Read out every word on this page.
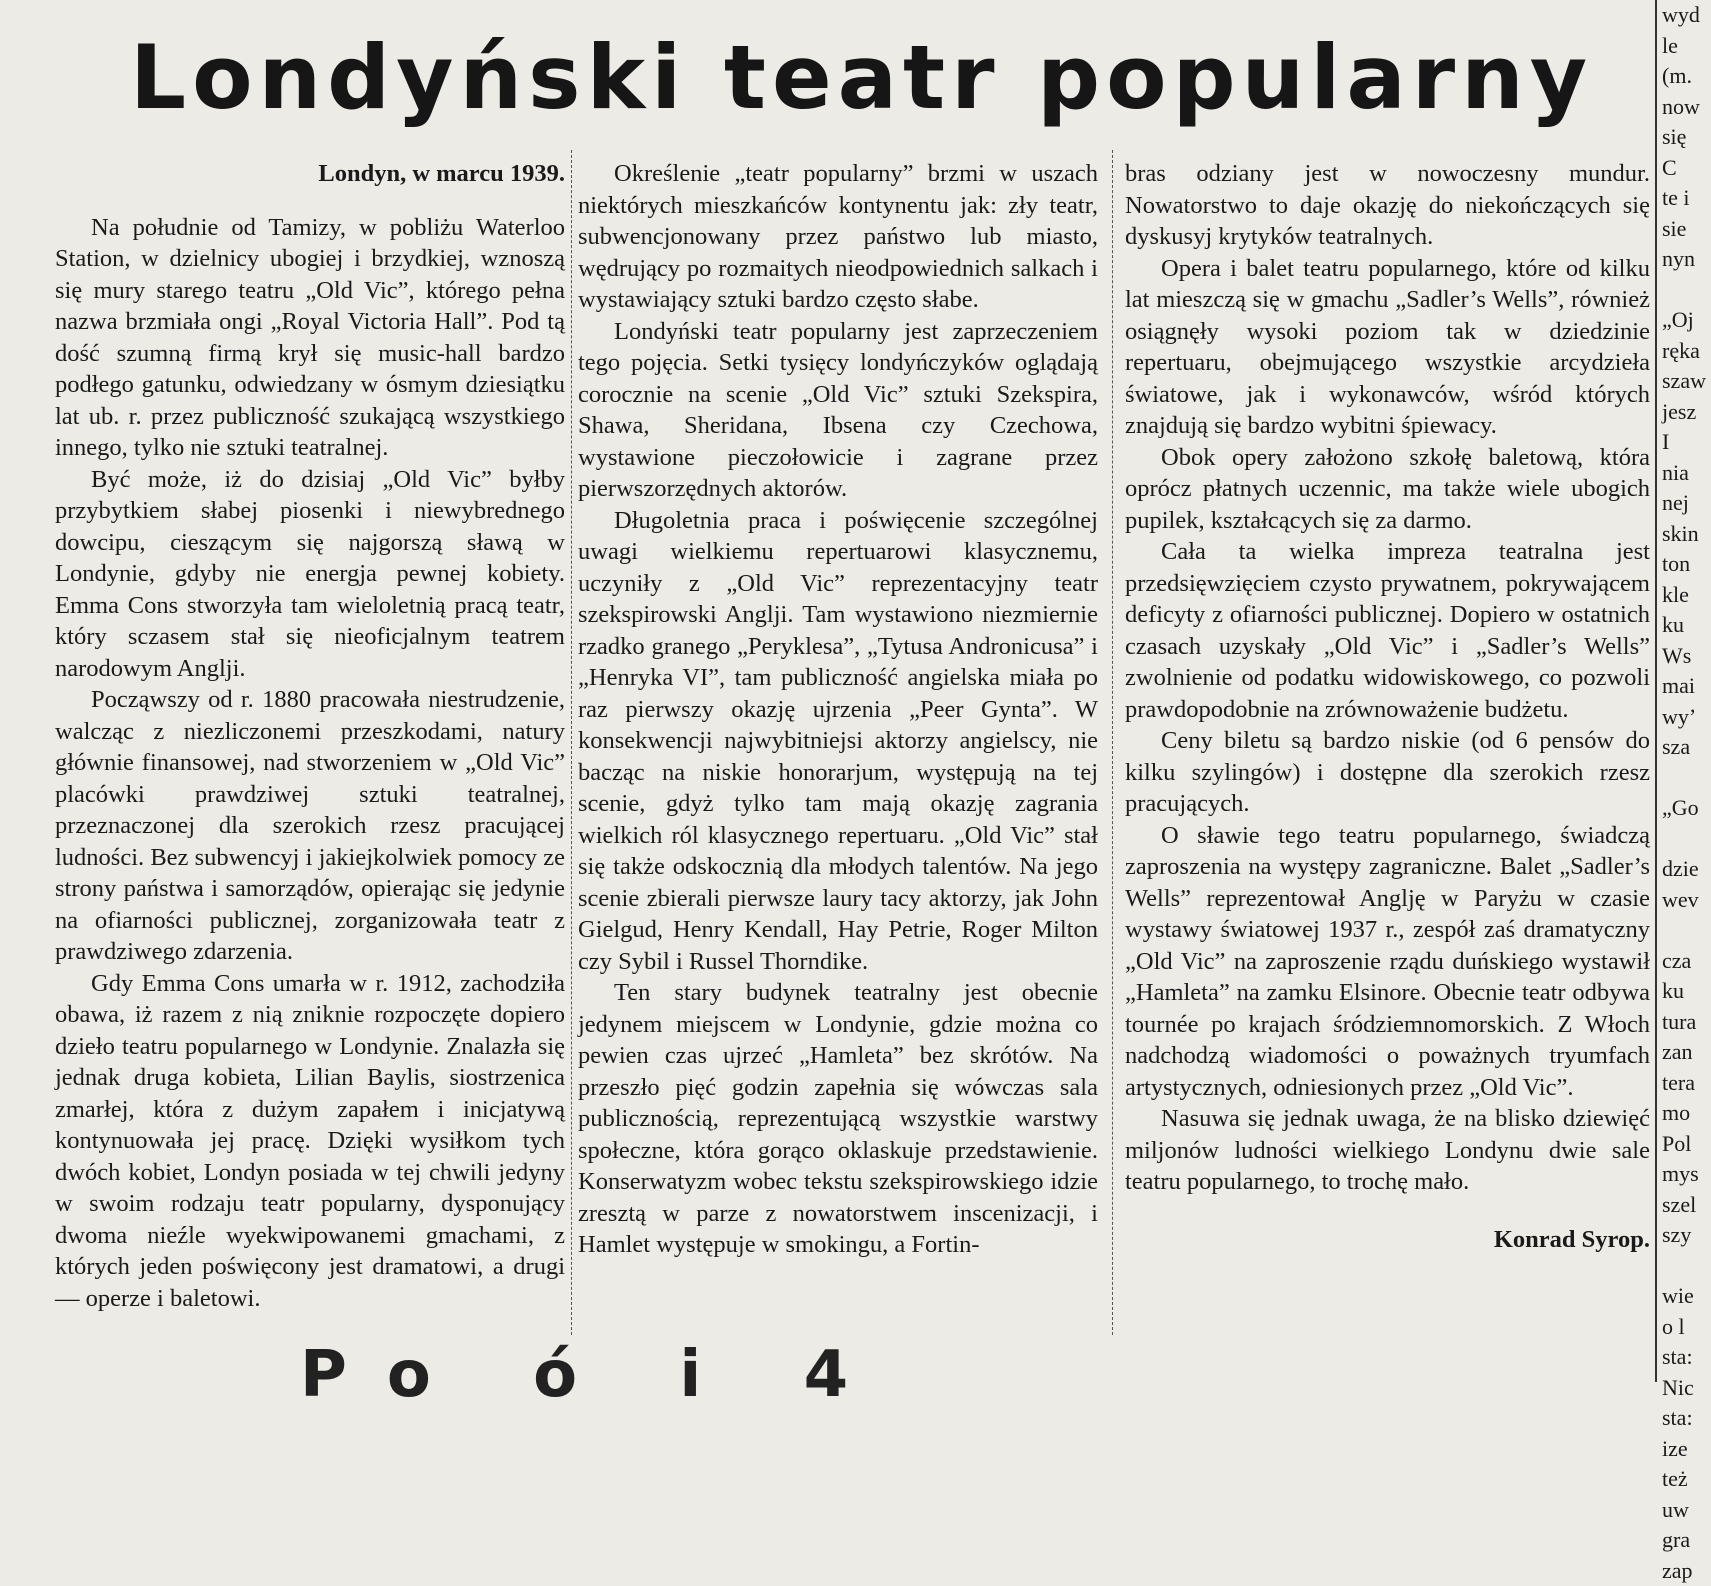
Londyński teatr popularny

Londyn, w marcu 1939.

Na południe od Tamizy, w pobliżu Waterloo Station, w dzielnicy ubogiej i brzydkiej, wznoszą się mury starego teatru „Old Vic”, którego pełna nazwa brzmiała ongi „Royal Victoria Hall”. Pod tą dość szumną firmą krył się music-hall bardzo podłego gatunku, odwiedzany w ósmym dziesiątku lat ub. r. przez publiczność szukającą wszystkiego innego, tylko nie sztuki teatralnej.

Być może, iż do dzisiaj „Old Vic” byłby przybytkiem słabej piosenki i niewybrednego dowcipu, cieszącym się najgorszą sławą w Londynie, gdyby nie energja pewnej kobiety. Emma Cons stworzyła tam wieloletnią pracą teatr, który sczasem stał się nieoficjalnym teatrem narodowym Anglji.

Począwszy od r. 1880 pracowała niestrudzenie, walcząc z niezliczonemi przeszkodami, natury głównie finansowej, nad stworzeniem w „Old Vic” placówki prawdziwej sztuki teatralnej, przeznaczonej dla szerokich rzesz pracującej ludności. Bez subwencyj i jakiejkolwiek pomocy ze strony państwa i samorządów, opierając się jedynie na ofiarności publicznej, zorganizowała teatr z prawdziwego zdarzenia.

Gdy Emma Cons umarła w r. 1912, zachodziła obawa, iż razem z nią zniknie rozpoczęte dopiero dzieło teatru popularnego w Londynie. Znalazła się jednak druga kobieta, Lilian Baylis, siostrzenica zmarłej, która z dużym zapałem i inicjatywą kontynuowała jej pracę. Dzięki wysiłkom tych dwóch kobiet, Londyn posiada w tej chwili jedyny w swoim rodzaju teatr popularny, dysponujący dwoma nieźle wyekwipowanemi gmachami, z których jeden poświęcony jest dramatowi, a drugi — operze i baletowi.

Określenie „teatr popularny” brzmi w uszach niektórych mieszkańców kontynentu jak: zły teatr, subwencjonowany przez państwo lub miasto, wędrujący po rozmaitych nieodpowiednich salkach i wystawiający sztuki bardzo często słabe.

Londyński teatr popularny jest zaprzeczeniem tego pojęcia. Setki tysięcy londyńczyków oglądają corocznie na scenie „Old Vic” sztuki Szekspira, Shawa, Sheridana, Ibsena czy Czechowa, wystawione pieczołowicie i zagrane przez pierwszorzędnych aktorów.

Długoletnia praca i poświęcenie szczególnej uwagi wielkiemu repertuarowi klasycznemu, uczyniły z „Old Vic” reprezentacyjny teatr szekspirowski Anglji. Tam wystawiono niezmiernie rzadko granego „Peryklesa”, „Tytusa Andronicusa” i „Henryka VI”, tam publiczność angielska miała po raz pierwszy okazję ujrzenia „Peer Gynta”. W konsekwencji najwybitniejsi aktorzy angielscy, nie bacząc na niskie honorarjum, występują na tej scenie, gdyż tylko tam mają okazję zagrania wielkich ról klasycznego repertuaru. „Old Vic” stał się także odskocznią dla młodych talentów. Na jego scenie zbierali pierwsze laury tacy aktorzy, jak John Gielgud, Henry Kendall, Hay Petrie, Roger Milton czy Sybil i Russel Thorndike.

Ten stary budynek teatralny jest obecnie jedynem miejscem w Londynie, gdzie można co pewien czas ujrzeć „Hamleta” bez skrótów. Na przeszło pięć godzin zapełnia się wówczas sala publicznością, reprezentującą wszystkie warstwy społeczne, która gorąco oklaskuje przedstawienie. Konserwatyzm wobec tekstu szekspirowskiego idzie zresztą w parze z nowatorstwem inscenizacji, i Hamlet występuje w smokingu, a Fortin-

bras odziany jest w nowoczesny mundur. Nowatorstwo to daje okazję do niekończących się dyskusyj krytyków teatralnych.

Opera i balet teatru popularnego, które od kilku lat mieszczą się w gmachu „Sadler’s Wells”, również osiągnęły wysoki poziom tak w dziedzinie repertuaru, obejmującego wszystkie arcydzieła światowe, jak i wykonawców, wśród których znajdują się bardzo wybitni śpiewacy.

Obok opery założono szkołę baletową, która oprócz płatnych uczennic, ma także wiele ubogich pupilek, kształcących się za darmo.

Cała ta wielka impreza teatralna jest przedsięwzięciem czysto prywatnem, pokrywającem deficyty z ofiarności publicznej. Dopiero w ostatnich czasach uzyskały „Old Vic” i „Sadler’s Wells” zwolnienie od podatku widowiskowego, co pozwoli prawdopodobnie na zrównoważenie budżetu.

Ceny biletu są bardzo niskie (od 6 pensów do kilku szylingów) i dostępne dla szerokich rzesz pracujących.

O sławie tego teatru popularnego, świadczą zaproszenia na występy zagraniczne. Balet „Sadler’s Wells” reprezentował Anglję w Paryżu w czasie wystawy światowej 1937 r., zespół zaś dramatyczny „Old Vic” na zaproszenie rządu duńskiego wystawił „Hamleta” na zamku Elsinore. Obecnie teatr odbywa tournée po krajach śródziemnomorskich. Z Włoch nadchodzą wiadomości o poważnych tryumfach artystycznych, odniesionych przez „Old Vic”.

Nasuwa się jednak uwaga, że na blisko dziewięć miljonów ludności wielkiego Londynu dwie sale teatru popularnego, to trochę mało.

Konrad Syrop.

wyd
le
(m.
now
się
C
te i
sie
nyn

„Oj
ręka
szaw
jesz
I
nia
nej
skin
ton
kle
ku
Ws
mai
wy’
sza

„Go

dzie
wev

cza
ku
tura
zan
tera
mo
Pol
mys
szel
szy

wie
o l
sta:
Nic
sta:
ize
też
uw
gra
zap
Po ó i 4
